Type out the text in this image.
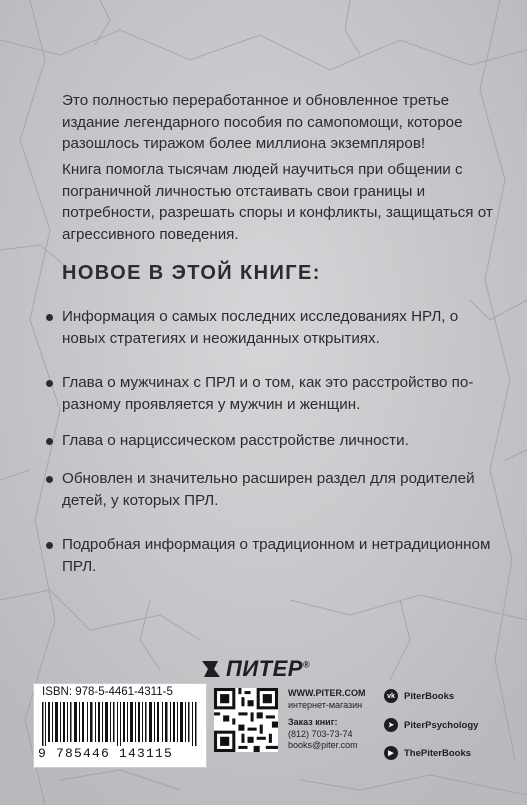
Это полностью переработанное и обновленное третье издание легендарного пособия по самопомощи, которое разошлось тиражом более миллиона экземпляров!
Книга помогла тысячам людей научиться при общении с пограничной личностью отстаивать свои границы и потребности, разрешать споры и конфликты, защищаться от агрессивного поведения.
НОВОЕ В ЭТОЙ КНИГЕ:
Информация о самых последних исследованиях НРЛ, о новых стратегиях и неожиданных открытиях.
Глава о мужчинах с ПРЛ и о том, как это расстройство по-разному проявляется у мужчин и женщин.
Глава о нарциссическом расстройстве личности.
Обновлен и значительно расширен раздел для родителей детей, у которых ПРЛ.
Подробная информация о традиционном и нетрадиционном ПРЛ.
ПИТЕР®
ISBN: 978-5-4461-4311-5
9 785446 143115
WWW.PITER.COM
интернет-магазин
Заказ книг:
(812) 703-73-74
books@piter.com
vk PiterBooks
➤	PiterPsychology
▶	ThePiterBooks
